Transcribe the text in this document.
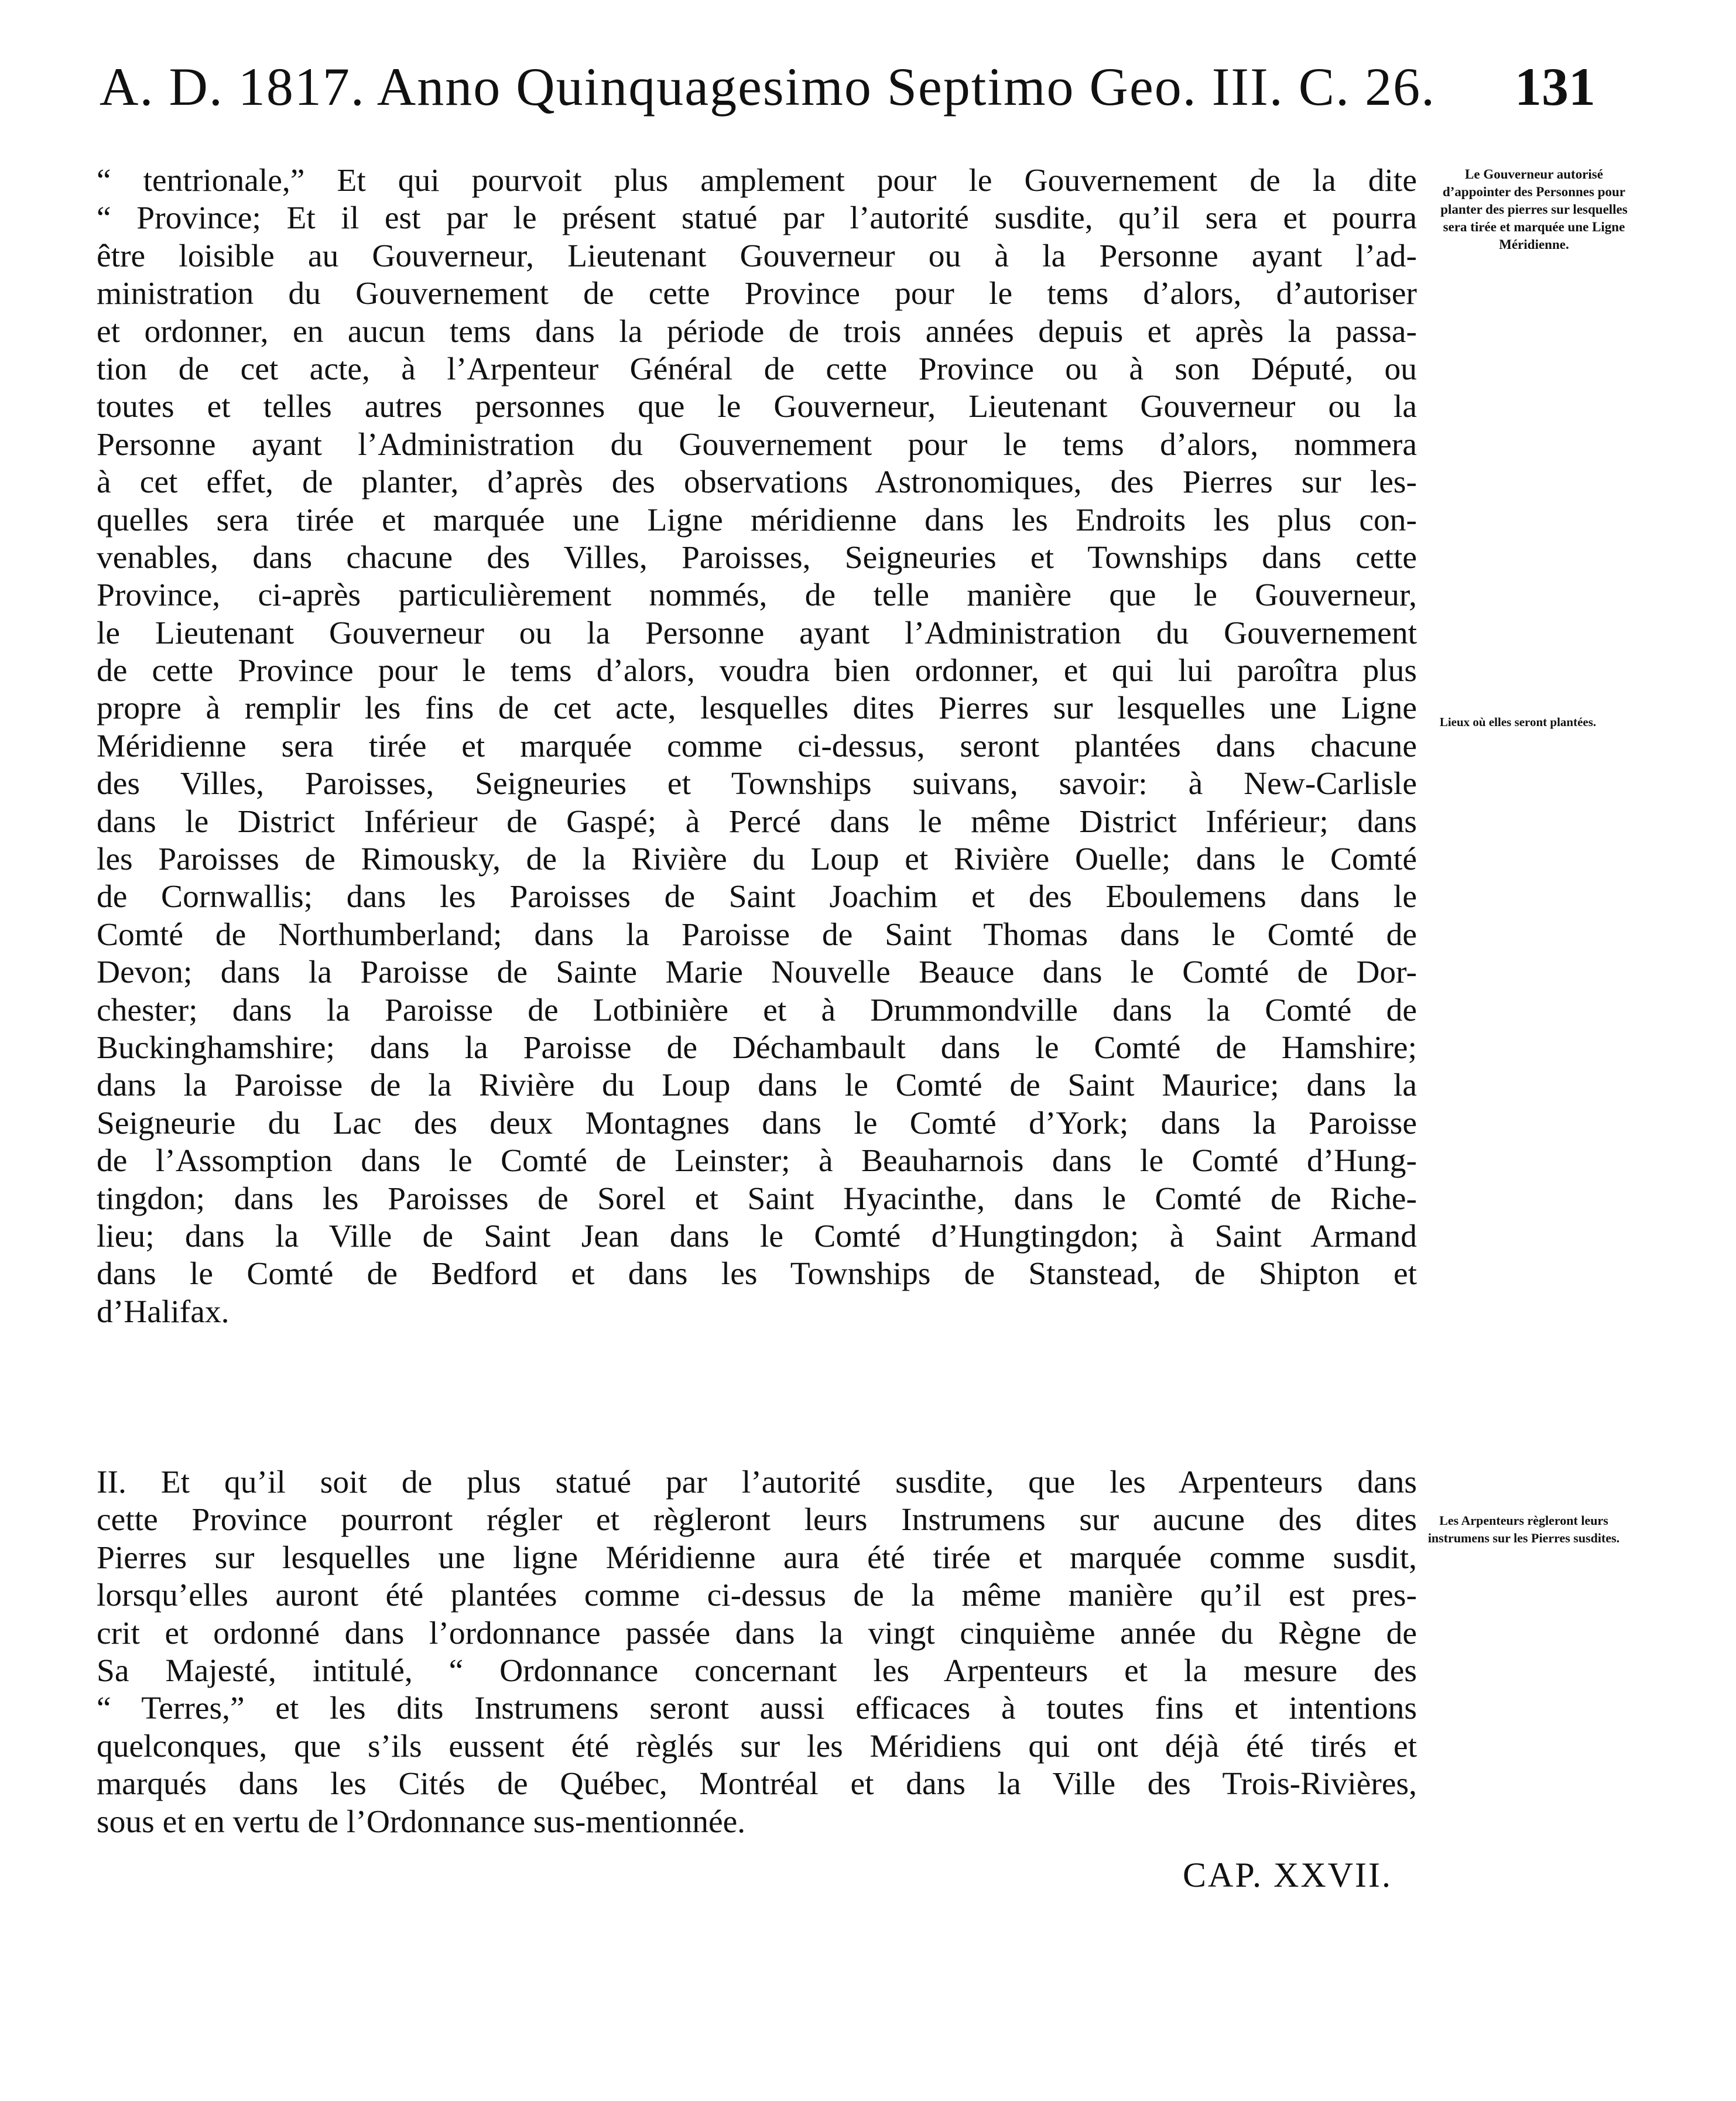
A. D. 1817. Anno Quinquagesimo Septimo Geo. III. C. 26. 131
“ tentrionale,” Et qui pourvoit plus amplement pour le Gouvernement de la dite
“ Province; Et il est par le présent statué par l’autorité susdite, qu’il sera et pourra
être loisible au Gouverneur, Lieutenant Gouverneur ou à la Personne ayant l’ad-
ministration du Gouvernement de cette Province pour le tems d’alors, d’autoriser
et ordonner, en aucun tems dans la période de trois années depuis et après la passa-
tion de cet acte, à l’Arpenteur Général de cette Province ou à son Député, ou
toutes et telles autres personnes que le Gouverneur, Lieutenant Gouverneur ou la
Personne ayant l’Administration du Gouvernement pour le tems d’alors, nommera
à cet effet, de planter, d’après des observations Astronomiques, des Pierres sur les-
quelles sera tirée et marquée une Ligne méridienne dans les Endroits les plus con-
venables, dans chacune des Villes, Paroisses, Seigneuries et Townships dans cette
Province, ci-après particulièrement nommés, de telle manière que le Gouverneur,
le Lieutenant Gouverneur ou la Personne ayant l’Administration du Gouvernement
de cette Province pour le tems d’alors, voudra bien ordonner, et qui lui paroîtra plus
propre à remplir les fins de cet acte, lesquelles dites Pierres sur lesquelles une Ligne
Méridienne sera tirée et marquée comme ci-dessus, seront plantées dans chacune
des Villes, Paroisses, Seigneuries et Townships suivans, savoir: à New-Carlisle
dans le District Inférieur de Gaspé; à Percé dans le même District Inférieur; dans
les Paroisses de Rimousky, de la Rivière du Loup et Rivière Ouelle; dans le Comté
de Cornwallis; dans les Paroisses de Saint Joachim et des Eboulemens dans le
Comté de Northumberland; dans la Paroisse de Saint Thomas dans le Comté de
Devon; dans la Paroisse de Sainte Marie Nouvelle Beauce dans le Comté de Dor-
chester; dans la Paroisse de Lotbinière et à Drummondville dans la Comté de
Buckinghamshire; dans la Paroisse de Déchambault dans le Comté de Hamshire;
dans la Paroisse de la Rivière du Loup dans le Comté de Saint Maurice; dans la
Seigneurie du Lac des deux Montagnes dans le Comté d’York; dans la Paroisse
de l’Assomption dans le Comté de Leinster; à Beauharnois dans le Comté d’Hung-
tingdon; dans les Paroisses de Sorel et Saint Hyacinthe, dans le Comté de Riche-
lieu; dans la Ville de Saint Jean dans le Comté d’Hungtingdon; à Saint Armand
dans le Comté de Bedford et dans les Townships de Stanstead, de Shipton et
d’Halifax.
II. Et qu’il soit de plus statué par l’autorité susdite, que les Arpenteurs dans
cette Province pourront régler et règleront leurs Instrumens sur aucune des dites
Pierres sur lesquelles une ligne Méridienne aura été tirée et marquée comme susdit,
lorsqu’elles auront été plantées comme ci-dessus de la même manière qu’il est pres-
crit et ordonné dans l’ordonnance passée dans la vingt cinquième année du Règne de
Sa Majesté, intitulé, “ Ordonnance concernant les Arpenteurs et la mesure des
“ Terres,” et les dits Instrumens seront aussi efficaces à toutes fins et intentions
quelconques, que s’ils eussent été règlés sur les Méridiens qui ont déjà été tirés et
marqués dans les Cités de Québec, Montréal et dans la Ville des Trois-Rivières,
sous et en vertu de l’Ordonnance sus-mentionnée.
Le Gouverneur autorisé d’appointer des Personnes pour planter des pierres sur lesquelles sera tirée et marquée une Ligne Méridienne.
Lieux où elles seront plantées.
Les Arpenteurs règleront leurs instrumens sur les Pierres susdites.
CAP. XXVII.
